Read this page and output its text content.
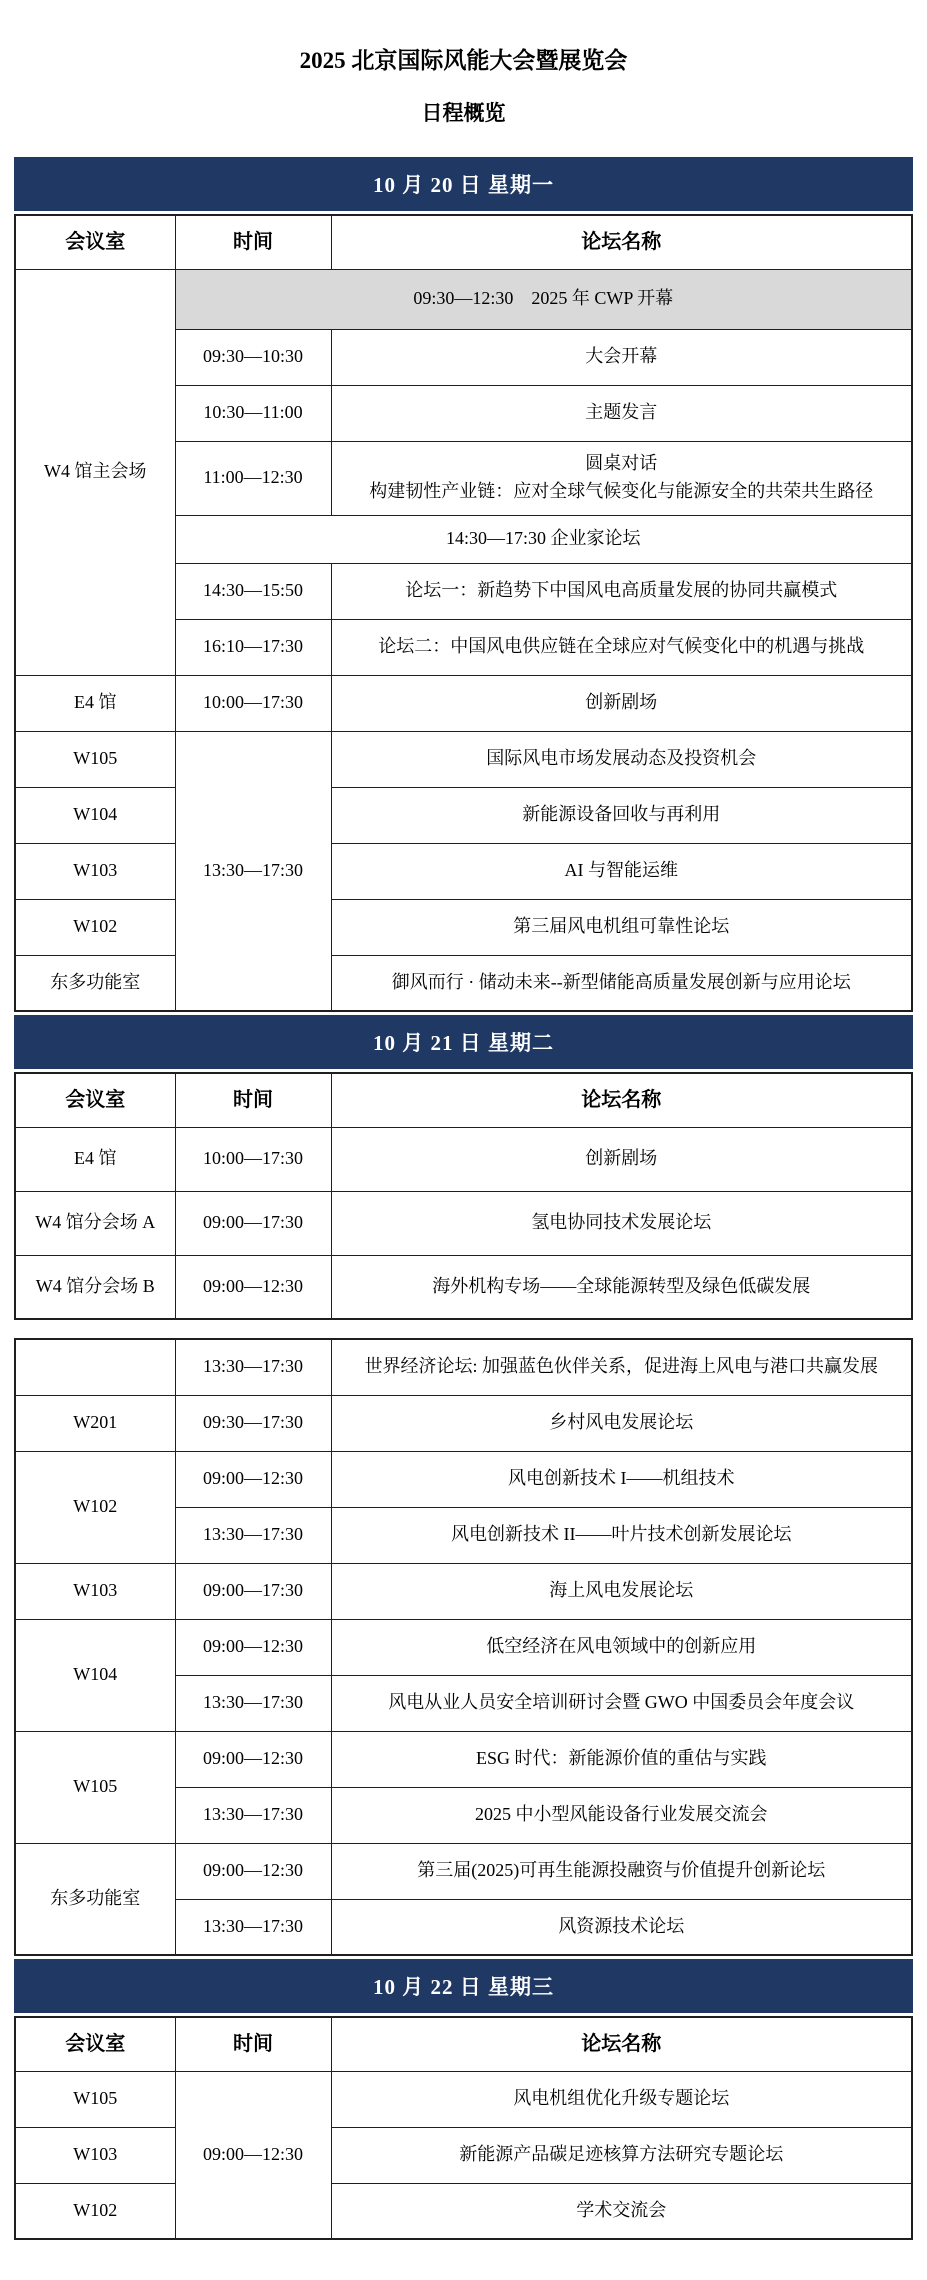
2025 北京国际风能大会暨展览会

日程概览

10 月 20 日 星期一
会议室	时间	论坛名称
W4 馆主会场	09:30—12:30　2025 年 CWP 开幕	
	09:30—10:30	大会开幕
	10:30—11:00	主题发言
	11:00—12:30	圆桌对话
构建韧性产业链：应对全球气候变化与能源安全的共荣共生路径
	14:30—17:30 企业家论坛	
	14:30—15:50	论坛一：新趋势下中国风电高质量发展的协同共赢模式
	16:10—17:30	论坛二：中国风电供应链在全球应对气候变化中的机遇与挑战
E4 馆	10:00—17:30	创新剧场
W105	13:30—17:30	国际风电市场发展动态及投资机会
W104		新能源设备回收与再利用
W103		AI 与智能运维
W102		第三届风电机组可靠性论坛
东多功能室		御风而行 · 储动未来--新型储能高质量发展创新与应用论坛
10 月 21 日 星期二
会议室	时间	论坛名称
E4 馆	10:00—17:30	创新剧场
W4 馆分会场 A	09:00—17:30	氢电协同技术发展论坛
W4 馆分会场 B	09:00—12:30	海外机构专场——全球能源转型及绿色低碳发展
	13:30—17:30	世界经济论坛: 加强蓝色伙伴关系，促进海上风电与港口共赢发展
W201	09:30—17:30	乡村风电发展论坛
W102	09:00—12:30	风电创新技术 I——机组技术
	13:30—17:30	风电创新技术 II——叶片技术创新发展论坛
W103	09:00—17:30	海上风电发展论坛
W104	09:00—12:30	低空经济在风电领域中的创新应用
	13:30—17:30	风电从业人员安全培训研讨会暨 GWO 中国委员会年度会议
W105	09:00—12:30	ESG 时代：新能源价值的重估与实践
	13:30—17:30	2025 中小型风能设备行业发展交流会
东多功能室	09:00—12:30	第三届(2025)可再生能源投融资与价值提升创新论坛
	13:30—17:30	风资源技术论坛
10 月 22 日 星期三
会议室	时间	论坛名称
W105	09:00—12:30	风电机组优化升级专题论坛
W103		新能源产品碳足迹核算方法研究专题论坛
W102		学术交流会
